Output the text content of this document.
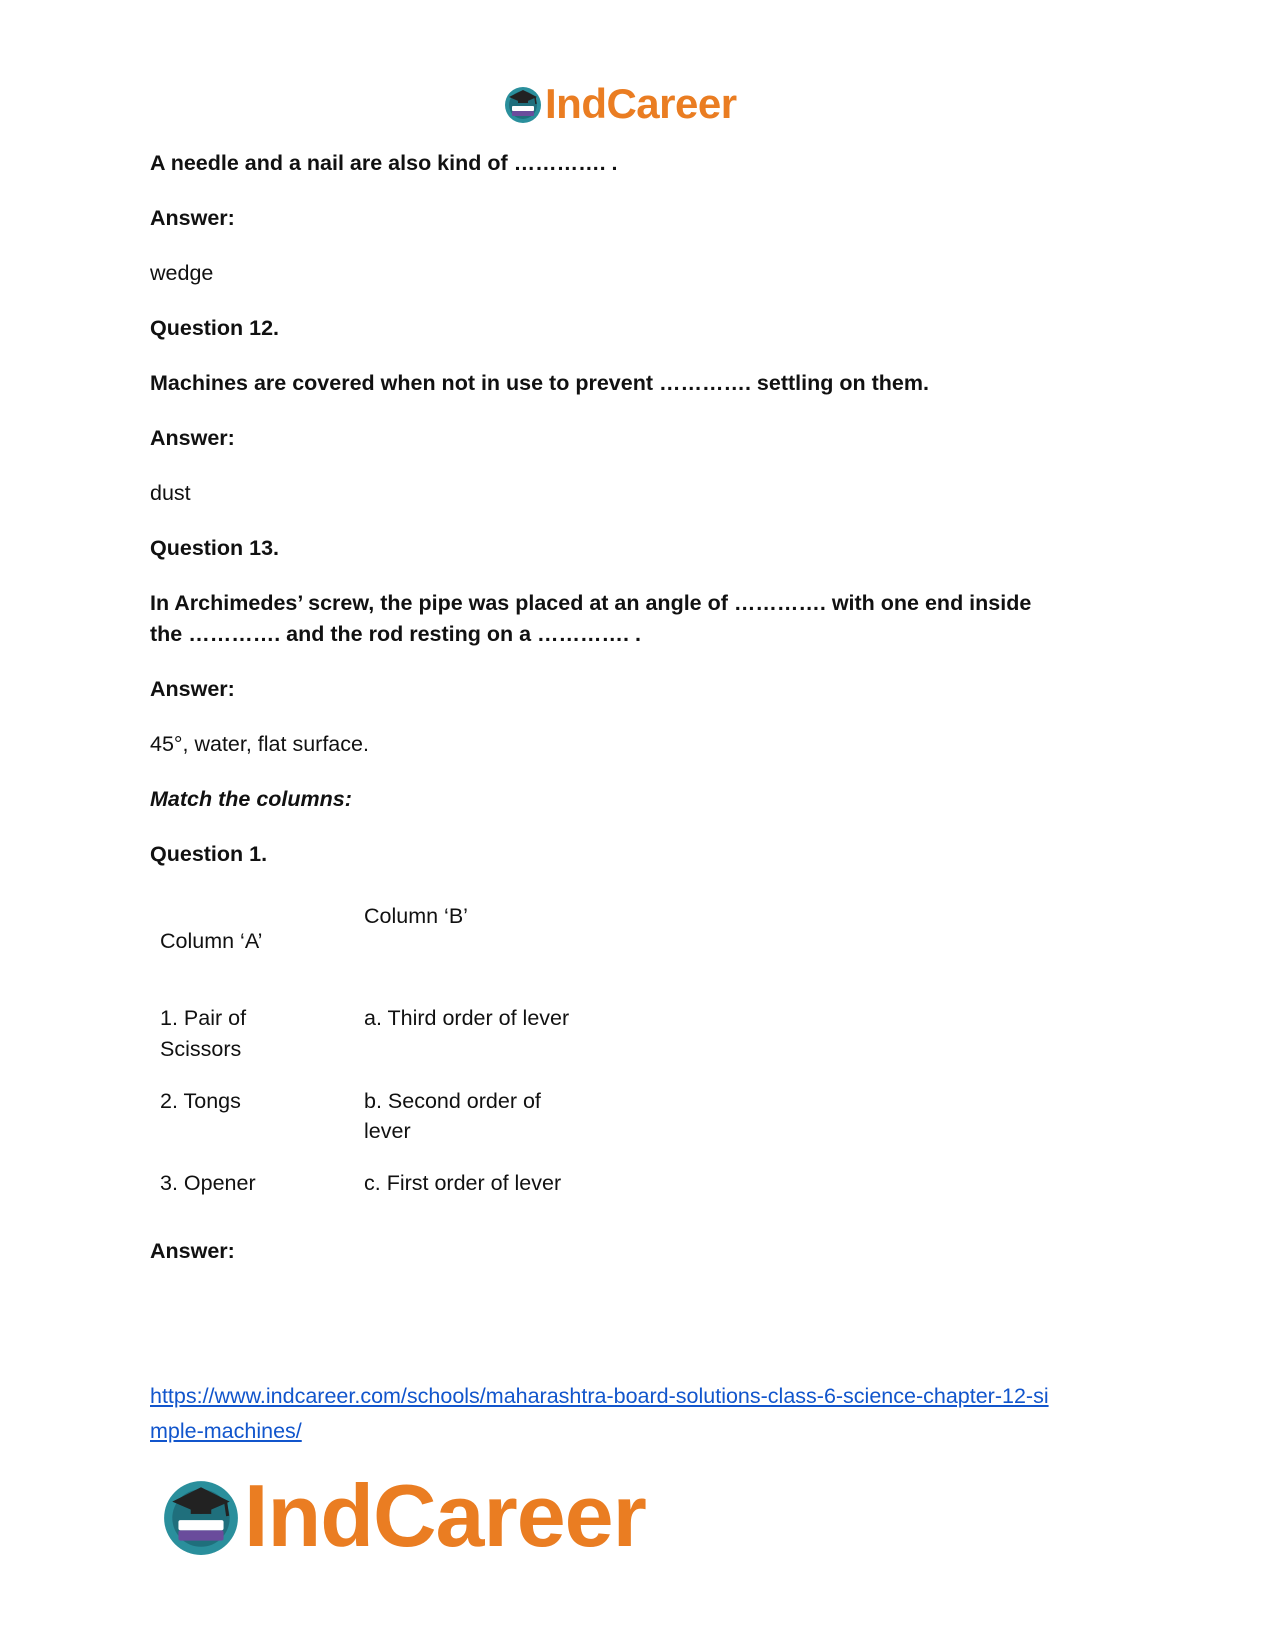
IndCareer
A needle and a nail are also kind of …………. .
Answer:
wedge
Question 12.
Machines are covered when not in use to prevent …………. settling on them.
Answer:
dust
Question 13.
In Archimedes’ screw, the pipe was placed at an angle of …………. with one end inside
the …………. and the rod resting on a …………. .
Answer:
45°, water, flat surface.
Match the columns:
Question 1.
Column ‘A’
Column ‘B’
1. Pair of
Scissors
a. Third order of lever
2. Tongs	b. Second order of
lever
3. Opener	c. First order of lever
Answer:
https://www.indcareer.com/schools/maharashtra-board-solutions-class-6-science-chapter-12-si
mple-machines/
IndCareer
